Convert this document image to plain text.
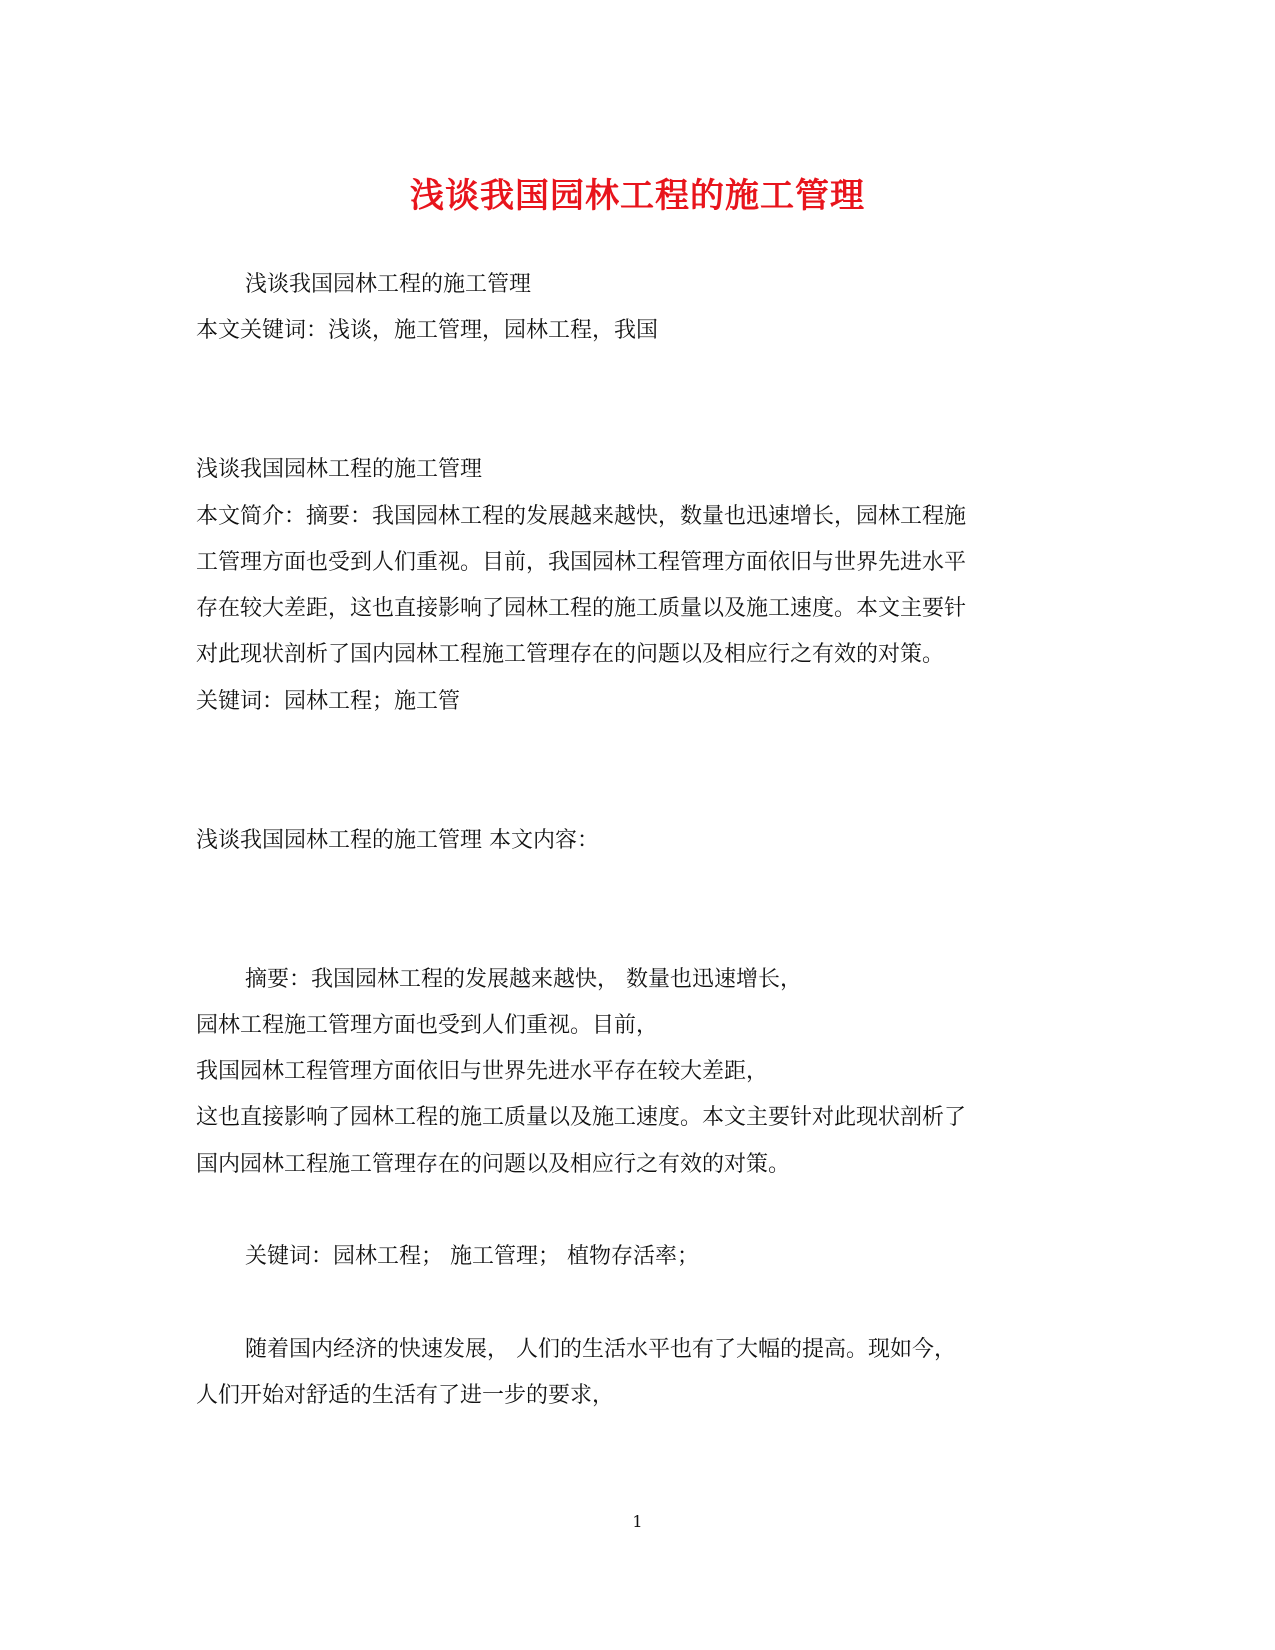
浅谈我国园林工程的施工管理
浅谈我国园林工程的施工管理
本文关键词：浅谈，施工管理，园林工程，我国
浅谈我国园林工程的施工管理
本文简介：摘要：我国园林工程的发展越来越快，数量也迅速增长，园林工程施
工管理方面也受到人们重视。目前，我国园林工程管理方面依旧与世界先进水平
存在较大差距，这也直接影响了园林工程的施工质量以及施工速度。本文主要针
对此现状剖析了国内园林工程施工管理存在的问题以及相应行之有效的对策。
关键词：园林工程；施工管
浅谈我国园林工程的施工管理 本文内容：
摘要：我国园林工程的发展越来越快， 数量也迅速增长，
园林工程施工管理方面也受到人们重视。目前，
我国园林工程管理方面依旧与世界先进水平存在较大差距，
这也直接影响了园林工程的施工质量以及施工速度。本文主要针对此现状剖析了
国内园林工程施工管理存在的问题以及相应行之有效的对策。
关键词：园林工程； 施工管理； 植物存活率；
随着国内经济的快速发展， 人们的生活水平也有了大幅的提高。现如今，
人们开始对舒适的生活有了进一步的要求，
1
